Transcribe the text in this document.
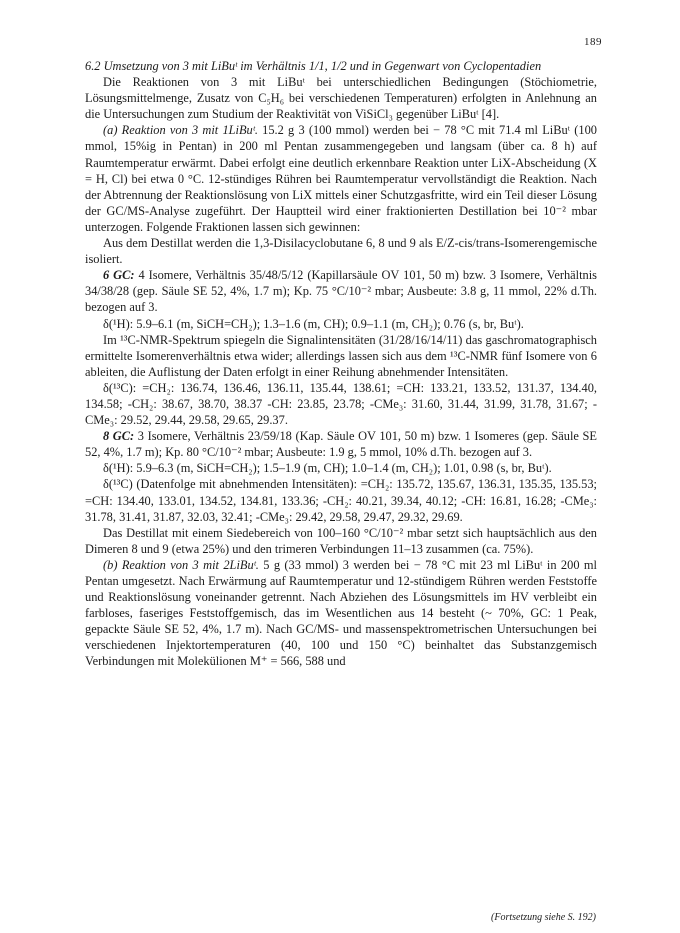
189

6.2 Umsetzung von 3 mit LiBuᵗ im Verhältnis 1/1, 1/2 und in Gegenwart von Cyclopentadien

Die Reaktionen von 3 mit LiBuᵗ bei unterschiedlichen Bedingungen (Stöchiometrie, Lösungsmittelmenge, Zusatz von C₅H₆ bei verschiedenen Temperaturen) erfolgten in Anlehnung an die Untersuchungen zum Studium der Reaktivität von ViSiCl₃ gegenüber LiBuᵗ [4].

(a) Reaktion von 3 mit 1LiBuᵗ. 15.2 g 3 (100 mmol) werden bei − 78 °C mit 71.4 ml LiBuᵗ (100 mmol, 15%ig in Pentan) in 200 ml Pentan zusammengegeben und langsam (über ca. 8 h) auf Raumtemperatur erwärmt. Dabei erfolgt eine deutlich erkennbare Reaktion unter LiX-Abscheidung (X = H, Cl) bei etwa 0 °C. 12-stündiges Rühren bei Raumtemperatur vervollständigt die Reaktion. Nach der Abtrennung der Reaktionslösung von LiX mittels einer Schutzgasfritte, wird ein Teil dieser Lösung der GC/MS-Analyse zugeführt. Der Hauptteil wird einer fraktionierten Destillation bei 10⁻² mbar unterzogen. Folgende Fraktionen lassen sich gewinnen:

Aus dem Destillat werden die 1,3-Disilacyclobutane 6, 8 und 9 als E/Z-cis/trans-Isomerengemische isoliert.

6 GC: 4 Isomere, Verhältnis 35/48/5/12 (Kapillarsäule OV 101, 50 m) bzw. 3 Isomere, Verhältnis 34/38/28 (gep. Säule SE 52, 4%, 1.7 m); Kp. 75 °C/10⁻² mbar; Ausbeute: 3.8 g, 11 mmol, 22% d.Th. bezogen auf 3.

δ(¹H): 5.9–6.1 (m, SiCH=CH₂); 1.3–1.6 (m, CH); 0.9–1.1 (m, CH₂); 0.76 (s, br, Buᵗ).

Im ¹³C-NMR-Spektrum spiegeln die Signalintensitäten (31/28/16/14/11) das gaschromatographisch ermittelte Isomerenverhältnis etwa wider; allerdings lassen sich aus dem ¹³C-NMR fünf Isomere von 6 ableiten, die Auflistung der Daten erfolgt in einer Reihung abnehmender Intensitäten.

δ(¹³C): =CH₂: 136.74, 136.46, 136.11, 135.44, 138.61; =CH: 133.21, 133.52, 131.37, 134.40, 134.58; -CH₂: 38.67, 38.70, 38.37 -CH: 23.85, 23.78; -CMe₃: 31.60, 31.44, 31.99, 31.78, 31.67; -CMe₃: 29.52, 29.44, 29.58, 29.65, 29.37.

8 GC: 3 Isomere, Verhältnis 23/59/18 (Kap. Säule OV 101, 50 m) bzw. 1 Isomeres (gep. Säule SE 52, 4%, 1.7 m); Kp. 80 °C/10⁻² mbar; Ausbeute: 1.9 g, 5 mmol, 10% d.Th. bezogen auf 3.

δ(¹H): 5.9–6.3 (m, SiCH=CH₂); 1.5–1.9 (m, CH); 1.0–1.4 (m, CH₂); 1.01, 0.98 (s, br, Buᵗ).

δ(¹³C) (Datenfolge mit abnehmenden Intensitäten): =CH₂: 135.72, 135.67, 136.31, 135.35, 135.53; =CH: 134.40, 133.01, 134.52, 134.81, 133.36; -CH₂: 40.21, 39.34, 40.12; -CH: 16.81, 16.28; -CMe₃: 31.78, 31.41, 31.87, 32.03, 32.41; -CMe₃: 29.42, 29.58, 29.47, 29.32, 29.69.

Das Destillat mit einem Siedebereich von 100–160 °C/10⁻² mbar setzt sich hauptsächlich aus den Dimeren 8 und 9 (etwa 25%) und den trimeren Verbindungen 11–13 zusammen (ca. 75%).

(b) Reaktion von 3 mit 2LiBuᵗ. 5 g (33 mmol) 3 werden bei − 78 °C mit 23 ml LiBuᵗ in 200 ml Pentan umgesetzt. Nach Erwärmung auf Raumtemperatur und 12-stündigem Rühren werden Feststoffe und Reaktionslösung voneinander getrennt. Nach Abziehen des Lösungsmittels im HV verbleibt ein farbloses, faseriges Feststoffgemisch, das im Wesentlichen aus 14 besteht (~ 70%, GC: 1 Peak, gepackte Säule SE 52, 4%, 1.7 m). Nach GC/MS- und massenspektrometrischen Untersuchungen bei verschiedenen Injektortemperaturen (40, 100 und 150 °C) beinhaltet das Substanzgemisch Verbindungen mit Molekülionen M⁺ = 566, 588 und

(Fortsetzung siehe S. 192)
